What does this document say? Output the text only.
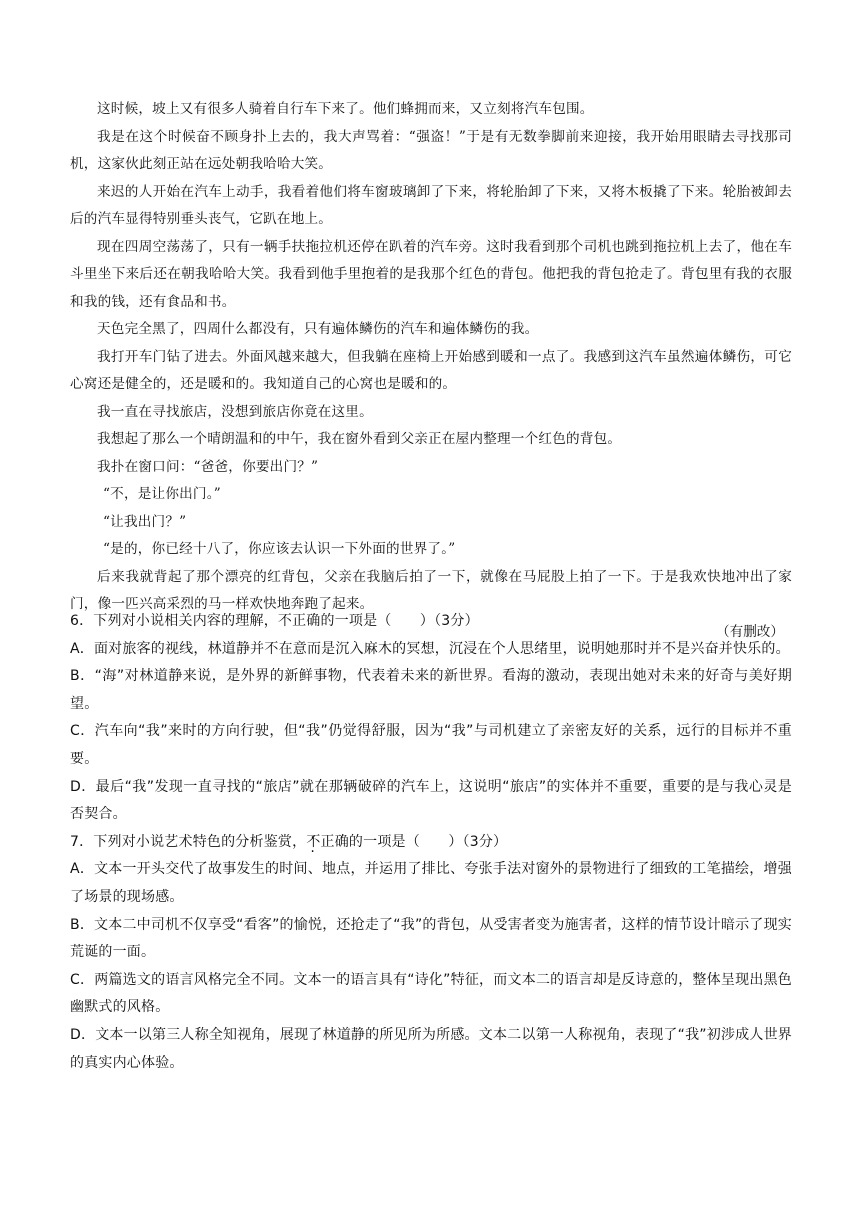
这时候，坡上又有很多人骑着自行车下来了。他们蜂拥而来，又立刻将汽车包围。

我是在这个时候奋不顾身扑上去的，我大声骂着：“强盗！”于是有无数拳脚前来迎接，我开始用眼睛去寻找那司机，这家伙此刻正站在远处朝我哈哈大笑。

来迟的人开始在汽车上动手，我看着他们将车窗玻璃卸了下来，将轮胎卸了下来，又将木板撬了下来。轮胎被卸去后的汽车显得特别垂头丧气，它趴在地上。

现在四周空荡荡了，只有一辆手扶拖拉机还停在趴着的汽车旁。这时我看到那个司机也跳到拖拉机上去了，他在车斗里坐下来后还在朝我哈哈大笑。我看到他手里抱着的是我那个红色的背包。他把我的背包抢走了。背包里有我的衣服和我的钱，还有食品和书。

天色完全黑了，四周什么都没有，只有遍体鳞伤的汽车和遍体鳞伤的我。

我打开车门钻了进去。外面风越来越大，但我躺在座椅上开始感到暖和一点了。我感到这汽车虽然遍体鳞伤，可它心窝还是健全的，还是暖和的。我知道自己的心窝也是暖和的。

我一直在寻找旅店，没想到旅店你竟在这里。

我想起了那么一个晴朗温和的中午，我在窗外看到父亲正在屋内整理一个红色的背包。

我扑在窗口问：“爸爸，你要出门？”

“不，是让你出门。”

“让我出门？”

“是的，你已经十八了，你应该去认识一下外面的世界了。”

后来我就背起了那个漂亮的红背包，父亲在我脑后拍了一下，就像在马屁股上拍了一下。于是我欢快地冲出了家门，像一匹兴高采烈的马一样欢快地奔跑了起来。

（有删改）

6．下列对小说相关内容的理解，不正确的一项是（　　）（3分）

A．面对旅客的视线，林道静并不在意而是沉入麻木的冥想，沉浸在个人思绪里，说明她那时并不是兴奋并快乐的。

B．“海”对林道静来说，是外界的新鲜事物，代表着未来的新世界。看海的激动，表现出她对未来的好奇与美好期望。

C．汽车向“我”来时的方向行驶，但“我”仍觉得舒服，因为“我”与司机建立了亲密友好的关系，远行的目标并不重要。

D．最后“我”发现一直寻找的“旅店”就在那辆破碎的汽车上，这说明“旅店”的实体并不重要，重要的是与我心灵是否契合。

7．下列对小说艺术特色的分析鉴赏，不正确 · · ·的一项是（　　）（3分）

A．文本一开头交代了故事发生的时间、地点，并运用了排比、夸张手法对窗外的景物进行了细致的工笔描绘，增强了场景的现场感。

B．文本二中司机不仅享受“看客”的愉悦，还抢走了“我”的背包，从受害者变为施害者，这样的情节设计暗示了现实荒诞的一面。

C．两篇选文的语言风格完全不同。文本一的语言具有“诗化”特征，而文本二的语言却是反诗意的，整体呈现出黑色幽默式的风格。

D．文本一以第三人称全知视角，展现了林道静的所见所为所感。文本二以第一人称视角，表现了“我”初涉成人世界的真实内心体验。
